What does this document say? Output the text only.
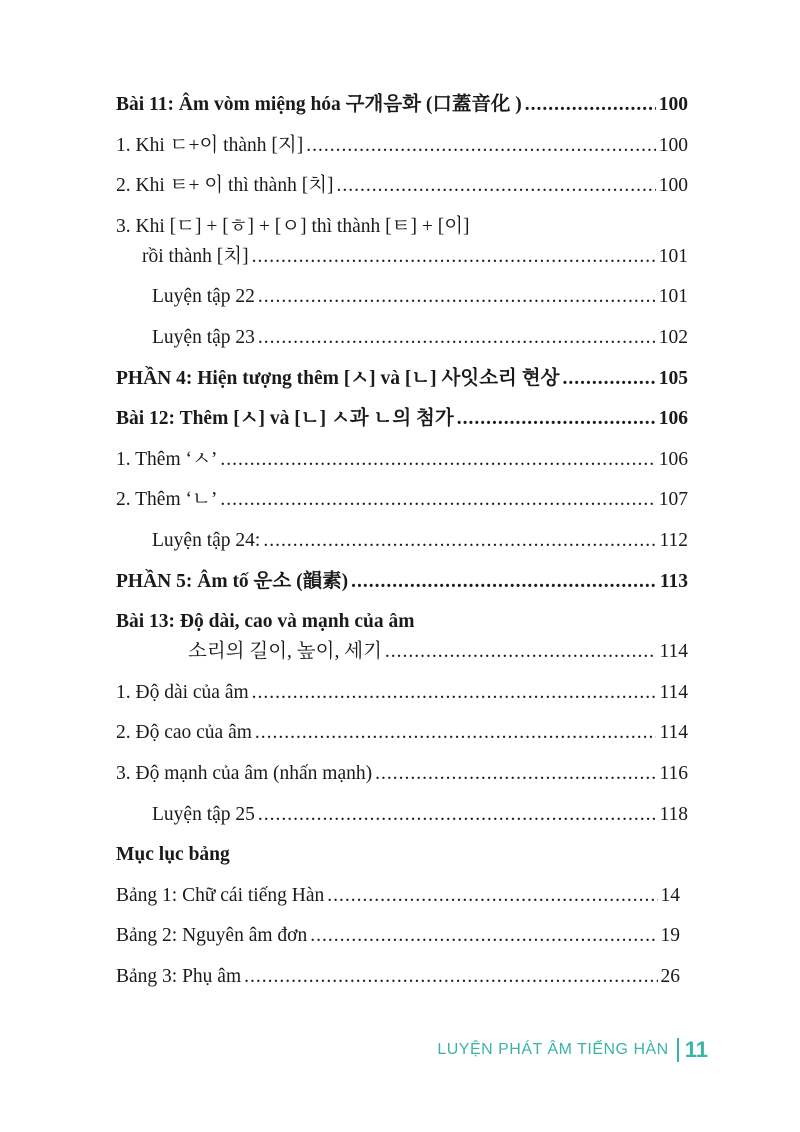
Bài 11: Âm vòm miệng hóa 구개음화 (口蓋音化 ) .....	100
1. Khi ㄷ+이 thành [지] .....	100
2. Khi ㅌ+ 이 thì thành [치] .....	100
3. Khi [ㄷ] + [ㅎ] + [ㅇ] thì thành [ㅌ] + [이]
rồi thành [치] .....	101
Luyện tập 22 .....	101
Luyện tập 23 .....	102
PHẦN 4: Hiện tượng thêm [ㅅ] và [ㄴ] 사잇소리 현상 .....	105
Bài 12: Thêm [ㅅ] và [ㄴ] ㅅ과 ㄴ의 첨가 .....	106
1. Thêm ‘ㅅ’ .....	106
2. Thêm ‘ㄴ’ .....	107
Luyện tập 24: .....	112
PHẦN 5: Âm tố 운소 (韻素) .....	113
Bài 13: Độ dài, cao và mạnh của âm
소리의 길이, 높이, 세기 .....	114
1. Độ dài của âm .....	114
2. Độ cao của âm .....	114
3. Độ mạnh của âm (nhấn mạnh) .....	116
Luyện tập 25 .....	118
Mục lục bảng
Bảng 1: Chữ cái tiếng Hàn .....	14
Bảng 2: Nguyên âm đơn .....	19
Bảng 3: Phụ âm .....	26
LUYỆN PHÁT ÂM TIẾNG HÀN 11
